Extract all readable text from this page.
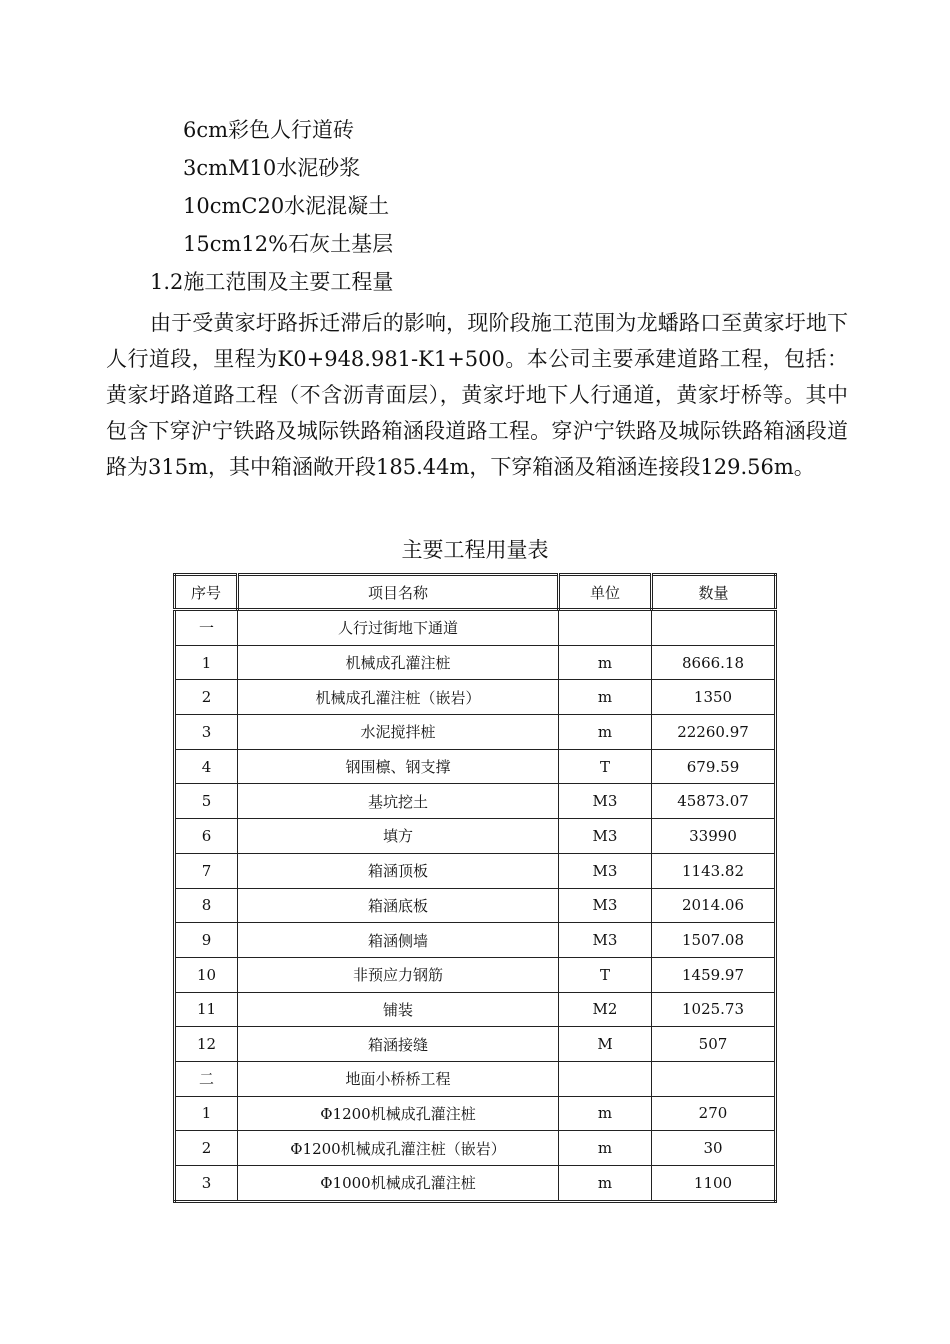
6cm彩色人行道砖
3cmM10水泥砂浆
10cmC20水泥混凝土
15cm12%石灰土基层
1.2施工范围及主要工程量
由于受黄家圩路拆迁滞后的影响，现阶段施工范围为龙蟠路口至黄家圩地下人行道段，里程为K0+948.981-K1+500。本公司主要承建道路工程，包括：黄家圩路道路工程（不含沥青面层），黄家圩地下人行通道，黄家圩桥等。其中包含下穿沪宁铁路及城际铁路箱涵段道路工程。穿沪宁铁路及城际铁路箱涵段道路为315m，其中箱涵敞开段185.44m，下穿箱涵及箱涵连接段129.56m。
主要工程用量表
序号	项目名称	单位	数量
一	人行过街地下通道		
1	机械成孔灌注桩	m	8666.18
2	机械成孔灌注桩（嵌岩）	m	1350
3	水泥搅拌桩	m	22260.97
4	钢围檩、钢支撑	T	679.59
5	基坑挖土	M3	45873.07
6	填方	M3	33990
7	箱涵顶板	M3	1143.82
8	箱涵底板	M3	2014.06
9	箱涵侧墙	M3	1507.08
10	非预应力钢筋	T	1459.97
11	铺装	M2	1025.73
12	箱涵接缝	M	507
二	地面小桥桥工程		
1	Φ1200机械成孔灌注桩	m	270
2	Φ1200机械成孔灌注桩（嵌岩）	m	30
3	Φ1000机械成孔灌注桩	m	1100
